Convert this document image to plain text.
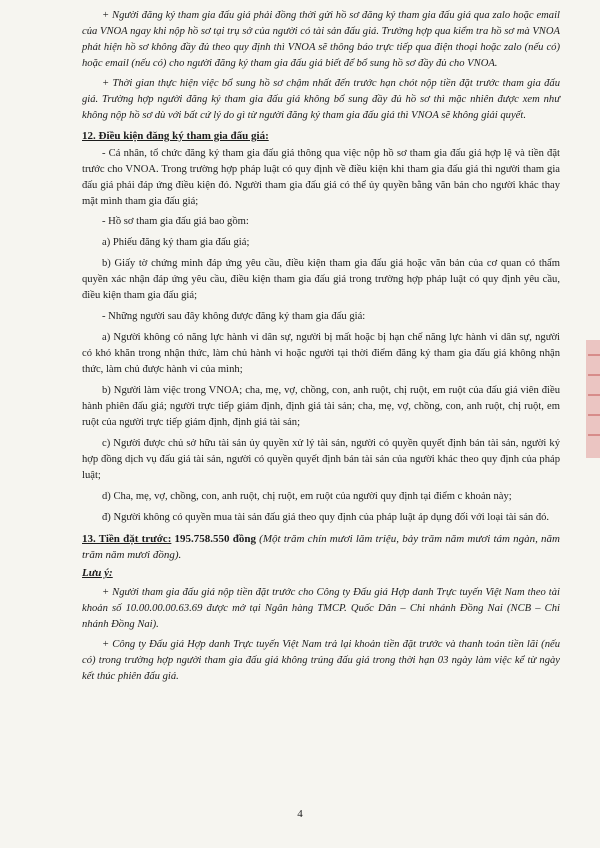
+ Người đăng ký tham gia đấu giá phải đồng thời gửi hồ sơ đăng ký tham gia đấu giá qua zalo hoặc email của VNOA ngay khi nộp hồ sơ tại trụ sở của người có tài sản đấu giá. Trường hợp qua kiểm tra hồ sơ mà VNOA phát hiện hồ sơ không đầy đủ theo quy định thì VNOA sẽ thông báo trực tiếp qua điện thoại hoặc zalo (nếu có) hoặc email (nếu có) cho người đăng ký tham gia đấu giá biết để bổ sung hồ sơ đầy đủ cho VNOA.

+ Thời gian thực hiện việc bổ sung hồ sơ chậm nhất đến trước hạn chót nộp tiền đặt trước tham gia đấu giá. Trường hợp người đăng ký tham gia đấu giá không bổ sung đầy đủ hồ sơ thì mặc nhiên được xem như không nộp hồ sơ dù với bất cứ lý do gì từ người đăng ký tham gia đấu giá thì VNOA sẽ không giải quyết.

12. Điều kiện đăng ký tham gia đấu giá:

- Cá nhân, tổ chức đăng ký tham gia đấu giá thông qua việc nộp hồ sơ tham gia đấu giá hợp lệ và tiền đặt trước cho VNOA. Trong trường hợp pháp luật có quy định về điều kiện khi tham gia đấu giá thì người tham gia đấu giá phải đáp ứng điều kiện đó. Người tham gia đấu giá có thể ủy quyền bằng văn bản cho người khác thay mặt mình tham gia đấu giá;

- Hồ sơ tham gia đấu giá bao gồm:

a) Phiếu đăng ký tham gia đấu giá;

b) Giấy tờ chứng minh đáp ứng yêu cầu, điều kiện tham gia đấu giá hoặc văn bản của cơ quan có thẩm quyền xác nhận đáp ứng yêu cầu, điều kiện tham gia đấu giá trong trường hợp pháp luật có quy định yêu cầu, điều kiện tham gia đấu giá;

- Những người sau đây không được đăng ký tham gia đấu giá:

a) Người không có năng lực hành vi dân sự, người bị mất hoặc bị hạn chế năng lực hành vi dân sự, người có khó khăn trong nhận thức, làm chủ hành vi hoặc người tại thời điểm đăng ký tham gia đấu giá không nhận thức, làm chủ được hành vi của mình;

b) Người làm việc trong VNOA; cha, mẹ, vợ, chồng, con, anh ruột, chị ruột, em ruột của đấu giá viên điều hành phiên đấu giá; người trực tiếp giám định, định giá tài sản; cha, mẹ, vợ, chồng, con, anh ruột, chị ruột, em ruột của người trực tiếp giám định, định giá tài sản;

c) Người được chủ sở hữu tài sản ủy quyền xử lý tài sản, người có quyền quyết định bán tài sản, người ký hợp đồng dịch vụ đấu giá tài sản, người có quyền quyết định bán tài sản của người khác theo quy định của pháp luật;

d) Cha, mẹ, vợ, chồng, con, anh ruột, chị ruột, em ruột của người quy định tại điểm c khoản này;

đ) Người không có quyền mua tài sản đấu giá theo quy định của pháp luật áp dụng đối với loại tài sản đó.

13. Tiền đặt trước: 195.758.550 đồng (Một trăm chín mươi lăm triệu, bảy trăm năm mươi tám ngàn, năm trăm năm mươi đồng).
Lưu ý:

+ Người tham gia đấu giá nộp tiền đặt trước cho Công ty Đấu giá Hợp danh Trực tuyến Việt Nam theo tài khoản số 10.00.00.00.63.69 được mở tại Ngân hàng TMCP. Quốc Dân – Chi nhánh Đồng Nai (NCB – Chi nhánh Đồng Nai).

+ Công ty Đấu giá Hợp danh Trực tuyến Việt Nam trả lại khoản tiền đặt trước và thanh toán tiền lãi (nếu có) trong trường hợp người tham gia đấu giá không trúng đấu giá trong thời hạn 03 ngày làm việc kể từ ngày kết thúc phiên đấu giá.

4
